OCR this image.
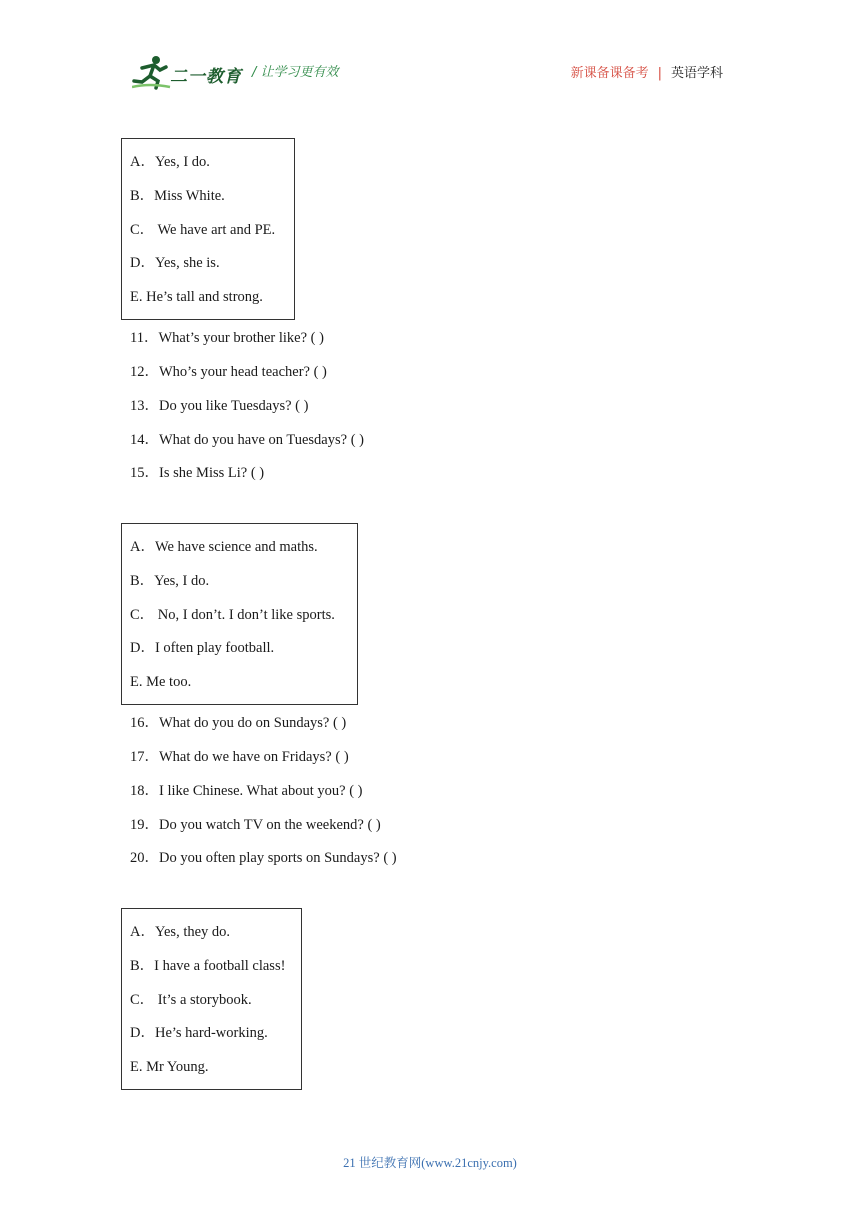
二一教育 / 让学习更有效	新课备课备考 | 英语学科
A．Yes, I do.
B．Miss White.
C． We have art and PE.
D．Yes, she is.
E. He’s tall and strong.
11．What’s your brother like? ( )
12．Who’s your head teacher? ( )
13．Do you like Tuesdays? ( )
14．What do you have on Tuesdays? ( )
15．Is she Miss Li? ( )
A．We have science and maths.
B．Yes, I do.
C． No, I don’t. I don’t like sports.
D．I often play football.
E. Me too.
16．What do you do on Sundays? ( )
17．What do we have on Fridays? ( )
18．I like Chinese. What about you? ( )
19．Do you watch TV on the weekend? ( )
20．Do you often play sports on Sundays? ( )
A．Yes, they do.
B．I have a football class!
C． It’s a storybook.
D．He’s hard-working.
E. Mr Young.
21 世纪教育网(www.21cnjy.com)
